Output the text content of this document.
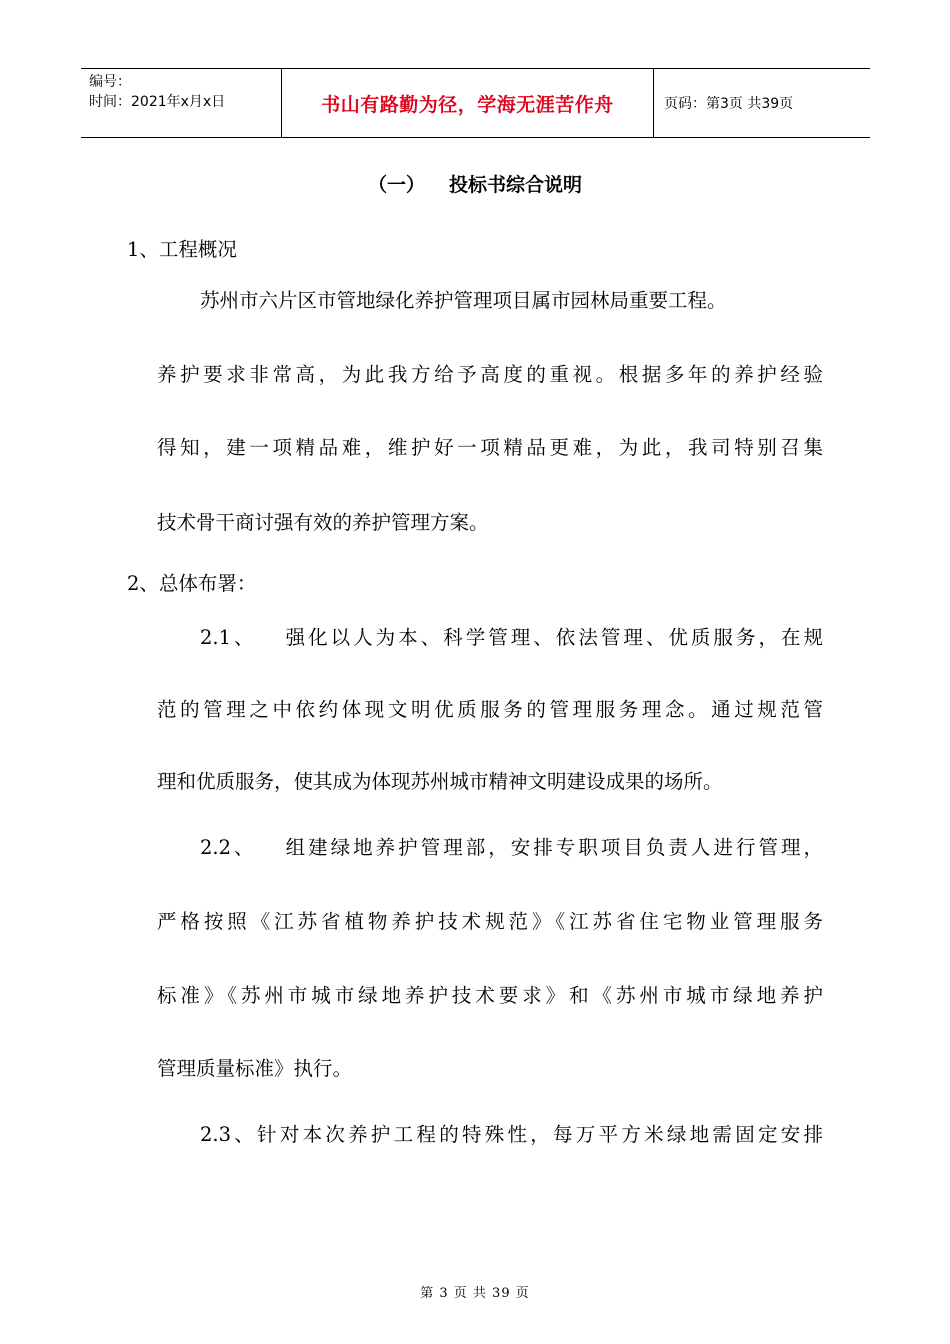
编号：
时间：2021年x月x日	书山有路勤为径，学海无涯苦作舟	页码：第3页 共39页
（一） 投标书综合说明
1、工程概况
苏州市六片区市管地绿化养护管理项目属市园林局重要工程。
养护要求非常高，为此我方给予高度的重视。根据多年的养护经验
得知，建一项精品难，维护好一项精品更难，为此，我司特别召集
技术骨干商讨强有效的养护管理方案。
2、总体布署：
2.1、 强化以人为本、科学管理、依法管理、优质服务，在规
范的管理之中依约体现文明优质服务的管理服务理念。通过规范管
理和优质服务，使其成为体现苏州城市精神文明建设成果的场所。
2.2、 组建绿地养护管理部，安排专职项目负责人进行管理，
严格按照《江苏省植物养护技术规范》《江苏省住宅物业管理服务
标准》《苏州市城市绿地养护技术要求》和《苏州市城市绿地养护
管理质量标准》执行。
2.3、针对本次养护工程的特殊性，每万平方米绿地需固定安排
第 3 页 共 39 页
